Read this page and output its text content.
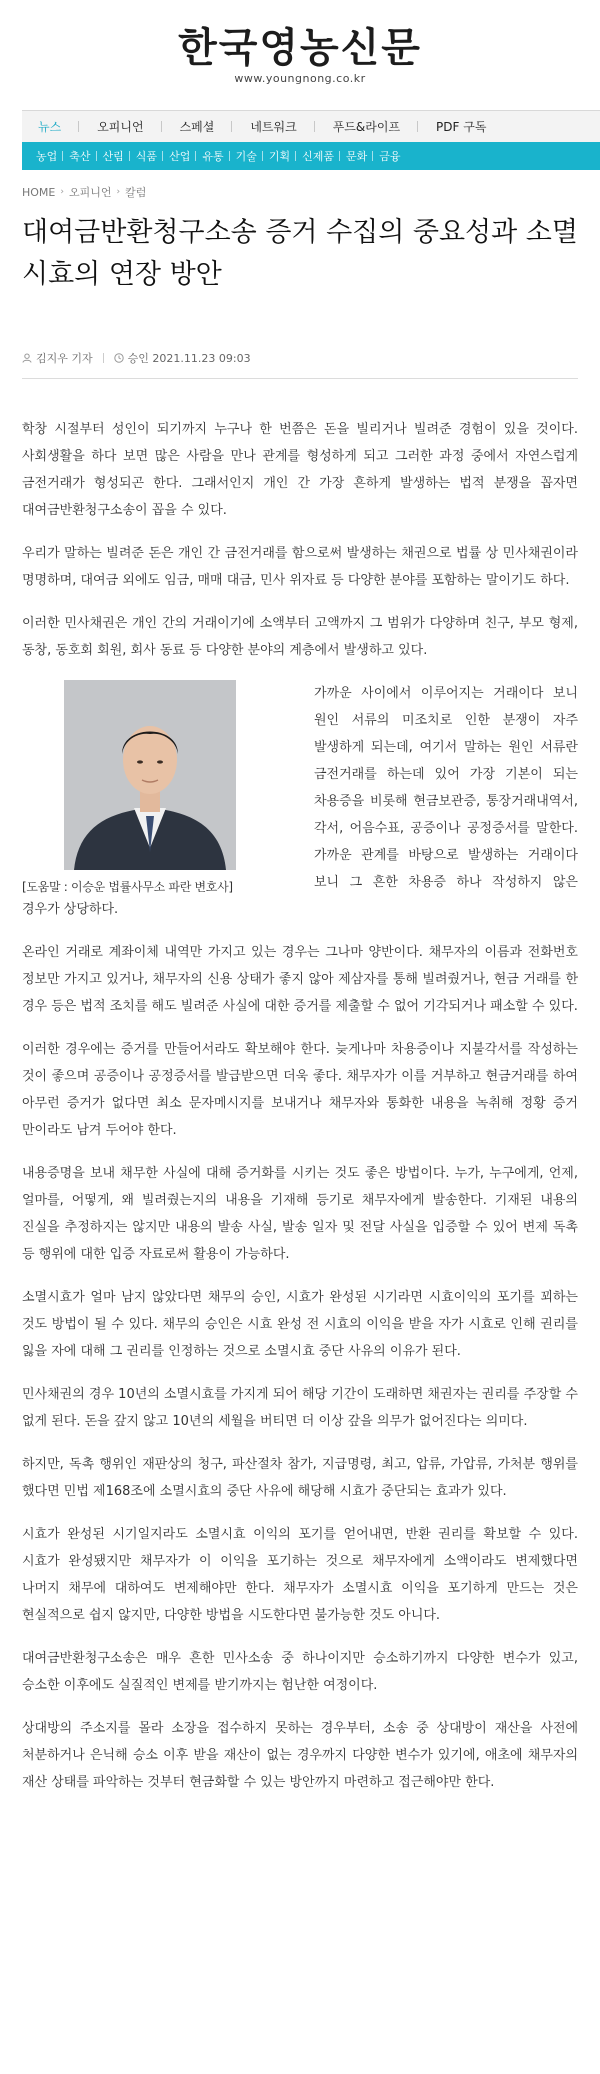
한국영농신문
www.youngnong.co.kr
뉴스	오피니언	스페셜	네트워크	푸드&라이프	PDF 구독
농업	축산	산림	식품	산업	유통	기술	기획	신제품	문화	금융
HOME › 오피니언 › 칼럼
대여금반환청구소송 증거 수집의 중요성과 소멸시효의 연장 방안
김지우 기자	승인 2021.11.23 09:03

학창 시절부터 성인이 되기까지 누구나 한 번쯤은 돈을 빌리거나 빌려준 경험이 있을 것이다. 사회생활을 하다 보면 많은 사람을 만나 관계를 형성하게 되고 그러한 과정 중에서 자연스럽게 금전거래가 형성되곤 한다. 그래서인지 개인 간 가장 흔하게 발생하는 법적 분쟁을 꼽자면 대여금반환청구소송이 꼽을 수 있다.

우리가 말하는 빌려준 돈은 개인 간 금전거래를 함으로써 발생하는 채권으로 법률 상 민사채권이라 명명하며, 대여금 외에도 임금, 매매 대금, 민사 위자료 등 다양한 분야를 포함하는 말이기도 하다.

이러한 민사채권은 개인 간의 거래이기에 소액부터 고액까지 그 범위가 다양하며 친구, 부모 형제, 동창, 동호회 회원, 회사 동료 등 다양한 분야의 계층에서 발생하고 있다.

[도움말 : 이승운 법률사무소 파란 변호사]

가까운 사이에서 이루어지는 거래이다 보니 원인 서류의 미조치로 인한 분쟁이 자주 발생하게 되는데, 여기서 말하는 원인 서류란 금전거래를 하는데 있어 가장 기본이 되는 차용증을 비롯해 현금보관증, 통장거래내역서, 각서, 어음수표, 공증이나 공정증서를 말한다. 가까운 관계를 바탕으로 발생하는 거래이다 보니 그 흔한 차용증 하나 작성하지 않은 경우가 상당하다.

온라인 거래로 계좌이체 내역만 가지고 있는 경우는 그나마 양반이다. 채무자의 이름과 전화번호 정보만 가지고 있거나, 채무자의 신용 상태가 좋지 않아 제삼자를 통해 빌려줬거나, 현금 거래를 한 경우 등은 법적 조치를 해도 빌려준 사실에 대한 증거를 제출할 수 없어 기각되거나 패소할 수 있다.

이러한 경우에는 증거를 만들어서라도 확보해야 한다. 늦게나마 차용증이나 지불각서를 작성하는 것이 좋으며 공증이나 공정증서를 발급받으면 더욱 좋다. 채무자가 이를 거부하고 현금거래를 하여 아무런 증거가 없다면 최소 문자메시지를 보내거나 채무자와 통화한 내용을 녹취해 정황 증거 만이라도 남겨 두어야 한다.

내용증명을 보내 채무한 사실에 대해 증거화를 시키는 것도 좋은 방법이다. 누가, 누구에게, 언제, 얼마를, 어떻게, 왜 빌려줬는지의 내용을 기재해 등기로 채무자에게 발송한다. 기재된 내용의 진실을 추정하지는 않지만 내용의 발송 사실, 발송 일자 및 전달 사실을 입증할 수 있어 변제 독촉 등 행위에 대한 입증 자료로써 활용이 가능하다.

소멸시효가 얼마 남지 않았다면 채무의 승인, 시효가 완성된 시기라면 시효이익의 포기를 꾀하는 것도 방법이 될 수 있다. 채무의 승인은 시효 완성 전 시효의 이익을 받을 자가 시효로 인해 권리를 잃을 자에 대해 그 권리를 인정하는 것으로 소멸시효 중단 사유의 이유가 된다.

민사채권의 경우 10년의 소멸시효를 가지게 되어 해당 기간이 도래하면 채권자는 권리를 주장할 수 없게 된다. 돈을 갚지 않고 10년의 세월을 버티면 더 이상 갚을 의무가 없어진다는 의미다.

하지만, 독촉 행위인 재판상의 청구, 파산절차 참가, 지급명령, 최고, 압류, 가압류, 가처분 행위를 했다면 민법 제168조에 소멸시효의 중단 사유에 해당해 시효가 중단되는 효과가 있다.

시효가 완성된 시기일지라도 소멸시효 이익의 포기를 얻어내면, 반환 권리를 확보할 수 있다. 시효가 완성됐지만 채무자가 이 이익을 포기하는 것으로 채무자에게 소액이라도 변제했다면 나머지 채무에 대하여도 변제해야만 한다. 채무자가 소멸시효 이익을 포기하게 만드는 것은 현실적으로 쉽지 않지만, 다양한 방법을 시도한다면 불가능한 것도 아니다.

대여금반환청구소송은 매우 흔한 민사소송 중 하나이지만 승소하기까지 다양한 변수가 있고, 승소한 이후에도 실질적인 변제를 받기까지는 험난한 여정이다.

상대방의 주소지를 몰라 소장을 접수하지 못하는 경우부터, 소송 중 상대방이 재산을 사전에 처분하거나 은닉해 승소 이후 받을 재산이 없는 경우까지 다양한 변수가 있기에, 애초에 채무자의 재산 상태를 파악하는 것부터 현금화할 수 있는 방안까지 마련하고 접근해야만 한다.
